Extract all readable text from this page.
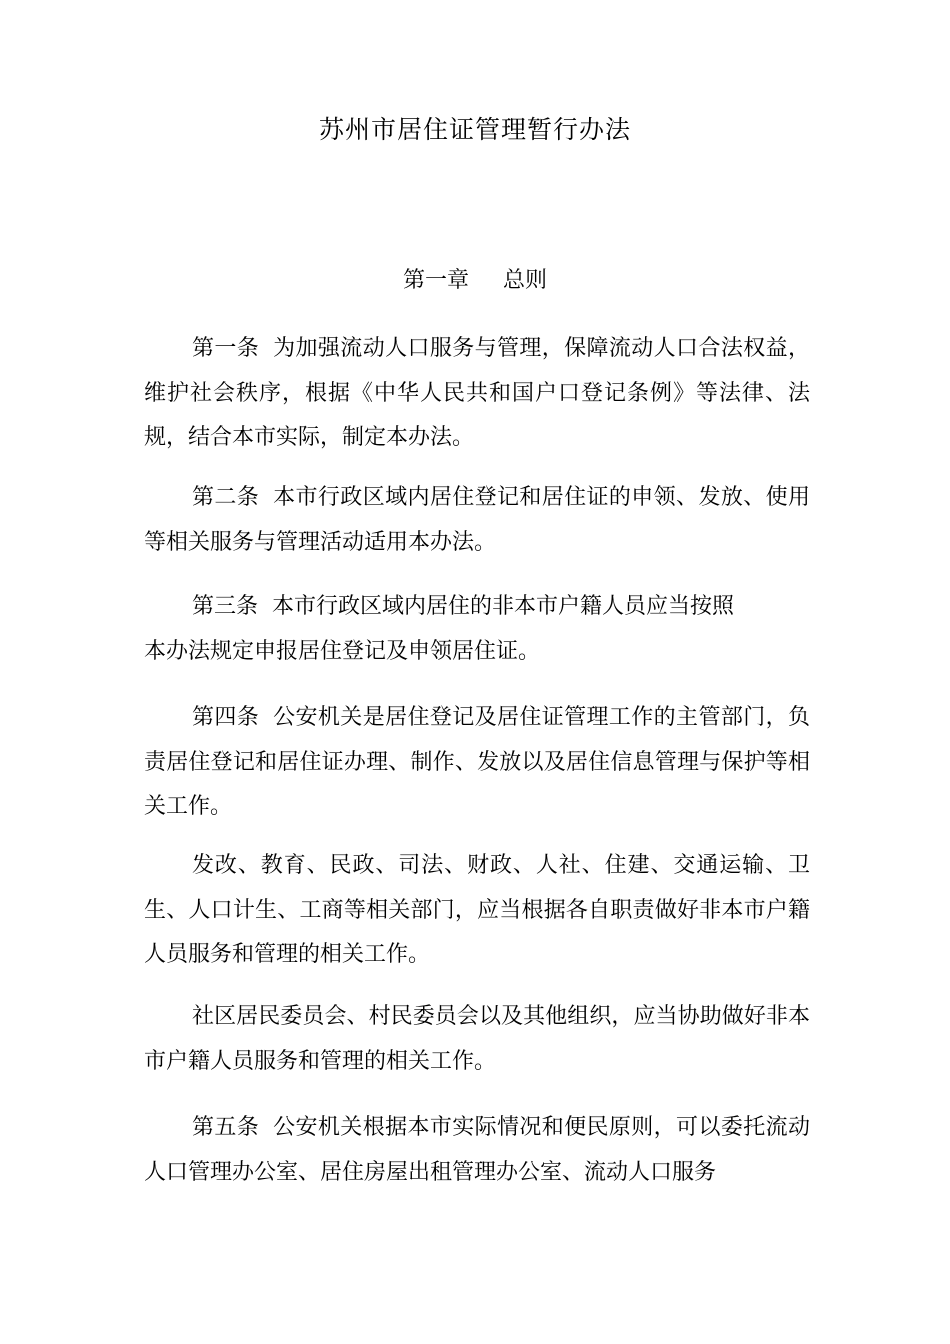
苏州市居住证管理暂行办法
第一章 总则

第一条 为加强流动人口服务与管理，保障流动人口合法权益，维护社会秩序，根据《中华人民共和国户口登记条例》等法律、法规，结合本市实际，制定本办法。

第二条 本市行政区域内居住登记和居住证的申领、发放、使用等相关服务与管理活动适用本办法。

第三条 本市行政区域内居住的非本市户籍人员应当按照
本办法规定申报居住登记及申领居住证。

第四条 公安机关是居住登记及居住证管理工作的主管部门，负责居住登记和居住证办理、制作、发放以及居住信息管理与保护等相关工作。

发改、教育、民政、司法、财政、人社、住建、交通运输、卫生、人口计生、工商等相关部门，应当根据各自职责做好非本市户籍人员服务和管理的相关工作。

社区居民委员会、村民委员会以及其他组织，应当协助做好非本市户籍人员服务和管理的相关工作。

第五条 公安机关根据本市实际情况和便民原则，可以委托流动人口管理办公室、居住房屋出租管理办公室、流动人口服务
